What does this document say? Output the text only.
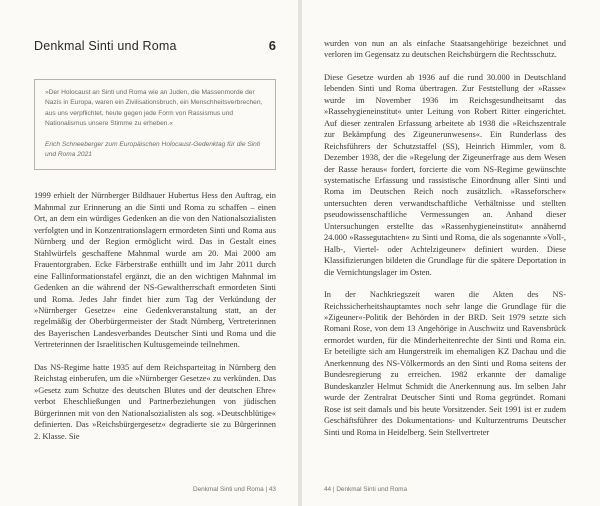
Denkmal Sinti und Roma	6
»Der Holocaust an Sinti und Roma wie an Juden, die Massenmorde der Nazis in Europa, waren ein Zivilisationsbruch, ein Menschheitsverbrechen, aus uns verpflichtet, heute gegen jede Form von Rassismus und Nationalismus unsere Stimme zu erheben.«
Erich Schneeberger zum Europäischen Holocaust-Gedenktag für die Sinti und Roma 2021

1999 erhielt der Nürnberger Bildhauer Hubertus Hess den Auftrag, ein Mahnmal zur Erinnerung an die Sinti und Roma zu schaffen – einen Ort, an dem ein würdiges Gedenken an die von den Nationalsozialisten verfolgten und in Konzentrationslagern ermordeten Sinti und Roma aus Nürnberg und der Region ermöglicht wird. Das in Gestalt eines Stahlwürfels geschaffene Mahnmal wurde am 20. Mai 2000 am Frauentorgraben. Ecke Färberstraße enthüllt und im Jahr 2011 durch eine Fallinformationstafel ergänzt, die an den wichtigen Mahnmal im Gedenken an die während der NS-Gewaltherrschaft ermordeten Sinti und Roma. Jedes Jahr findet hier zum Tag der Verkündung der »Nürnberger Gesetze« eine Gedenkveranstaltung statt, an der regelmäßig der Oberbürgermeister der Stadt Nürnberg, Vertreterinnen des Bayerischen Landesverbandes Deutscher Sinti und Roma und die Vertreterinnen der Israelitischen Kultusgemeinde teilnehmen.

Das NS-Regime hatte 1935 auf dem Reichsparteitag in Nürnberg den Reichstag einberufen, um die »Nürnberger Gesetze« zu verkünden. Das »Gesetz zum Schutze des deutschen Blutes und der deutschen Ehre« verbot Eheschließungen und Partnerbeziehungen von jüdischen Bürgerinnen mit von den Nationalsozialisten als sog. »Deutschblütige« definierten. Das »Reichsbürgergesetz« degradierte sie zu Bürgerinnen 2. Klasse. Sie

Denkmal Sinti und Roma | 43

wurden von nun an als einfache Staatsangehörige bezeichnet und verloren im Gegensatz zu deutschen Reichsbürgern die Rechtsschutz.

Diese Gesetze wurden ab 1936 auf die rund 30.000 in Deutschland lebenden Sinti und Roma übertragen. Zur Feststellung der »Rasse« wurde im November 1936 im Reichsgesundheitsamt das »Rassehygieneinstitut« unter Leitung von Robert Ritter eingerichtet. Auf dieser zentralen Erfassung arbeitete ab 1938 die »Reichszentrale zur Bekämpfung des Zigeunerunwesens«. Ein Runderlass des Reichsführers der Schutzstaffel (SS), Heinrich Himmler, vom 8. Dezember 1938, der die »Regelung der Zigeunerfrage aus dem Wesen der Rasse heraus« fordert, forcierte die vom NS-Regime gewünschte systematische Erfassung und rassistische Einordnung aller Sinti und Roma im Deutschen Reich noch zusätzlich. »Rasseforscher« untersuchten deren verwandtschaftliche Verhältnisse und stellten pseudowissenschaftliche Vermessungen an. Anhand dieser Untersuchungen erstellte das »Rassenhygieneinstitut« annähernd 24.000 »Rassegutachten« zu Sinti und Roma, die als sogenannte »Voll-, Halb-, Viertel- oder Achtelzigeuner« definiert wurden. Diese Klassifizierungen bildeten die Grundlage für die spätere Deportation in die Vernichtungslager im Osten.

In der Nachkriegszeit waren die Akten des NS-Reichssicherheitshauptamtes noch sehr lange die Grundlage für die »Zigeuner«-Politik der Behörden in der BRD. Seit 1979 setzte sich Romani Rose, von dem 13 Angehörige in Auschwitz und Ravensbrück ermordet wurden, für die Minderheitenrechte der Sinti und Roma ein. Er beteiligte sich am Hungerstreik im ehemaligen KZ Dachau und die Anerkennung des NS-Völkermords an den Sinti und Roma seitens der Bundesregierung zu erreichen. 1982 erkannte der damalige Bundeskanzler Helmut Schmidt die Anerkennung aus. Im selben Jahr wurde der Zentralrat Deutscher Sinti und Roma gegründet. Romani Rose ist seit damals und bis heute Vorsitzender. Seit 1991 ist er zudem Geschäftsführer des Dokumentations- und Kulturzentrums Deutscher Sinti und Roma in Heidelberg. Sein Stellvertreter

44 | Denkmal Sinti und Roma
